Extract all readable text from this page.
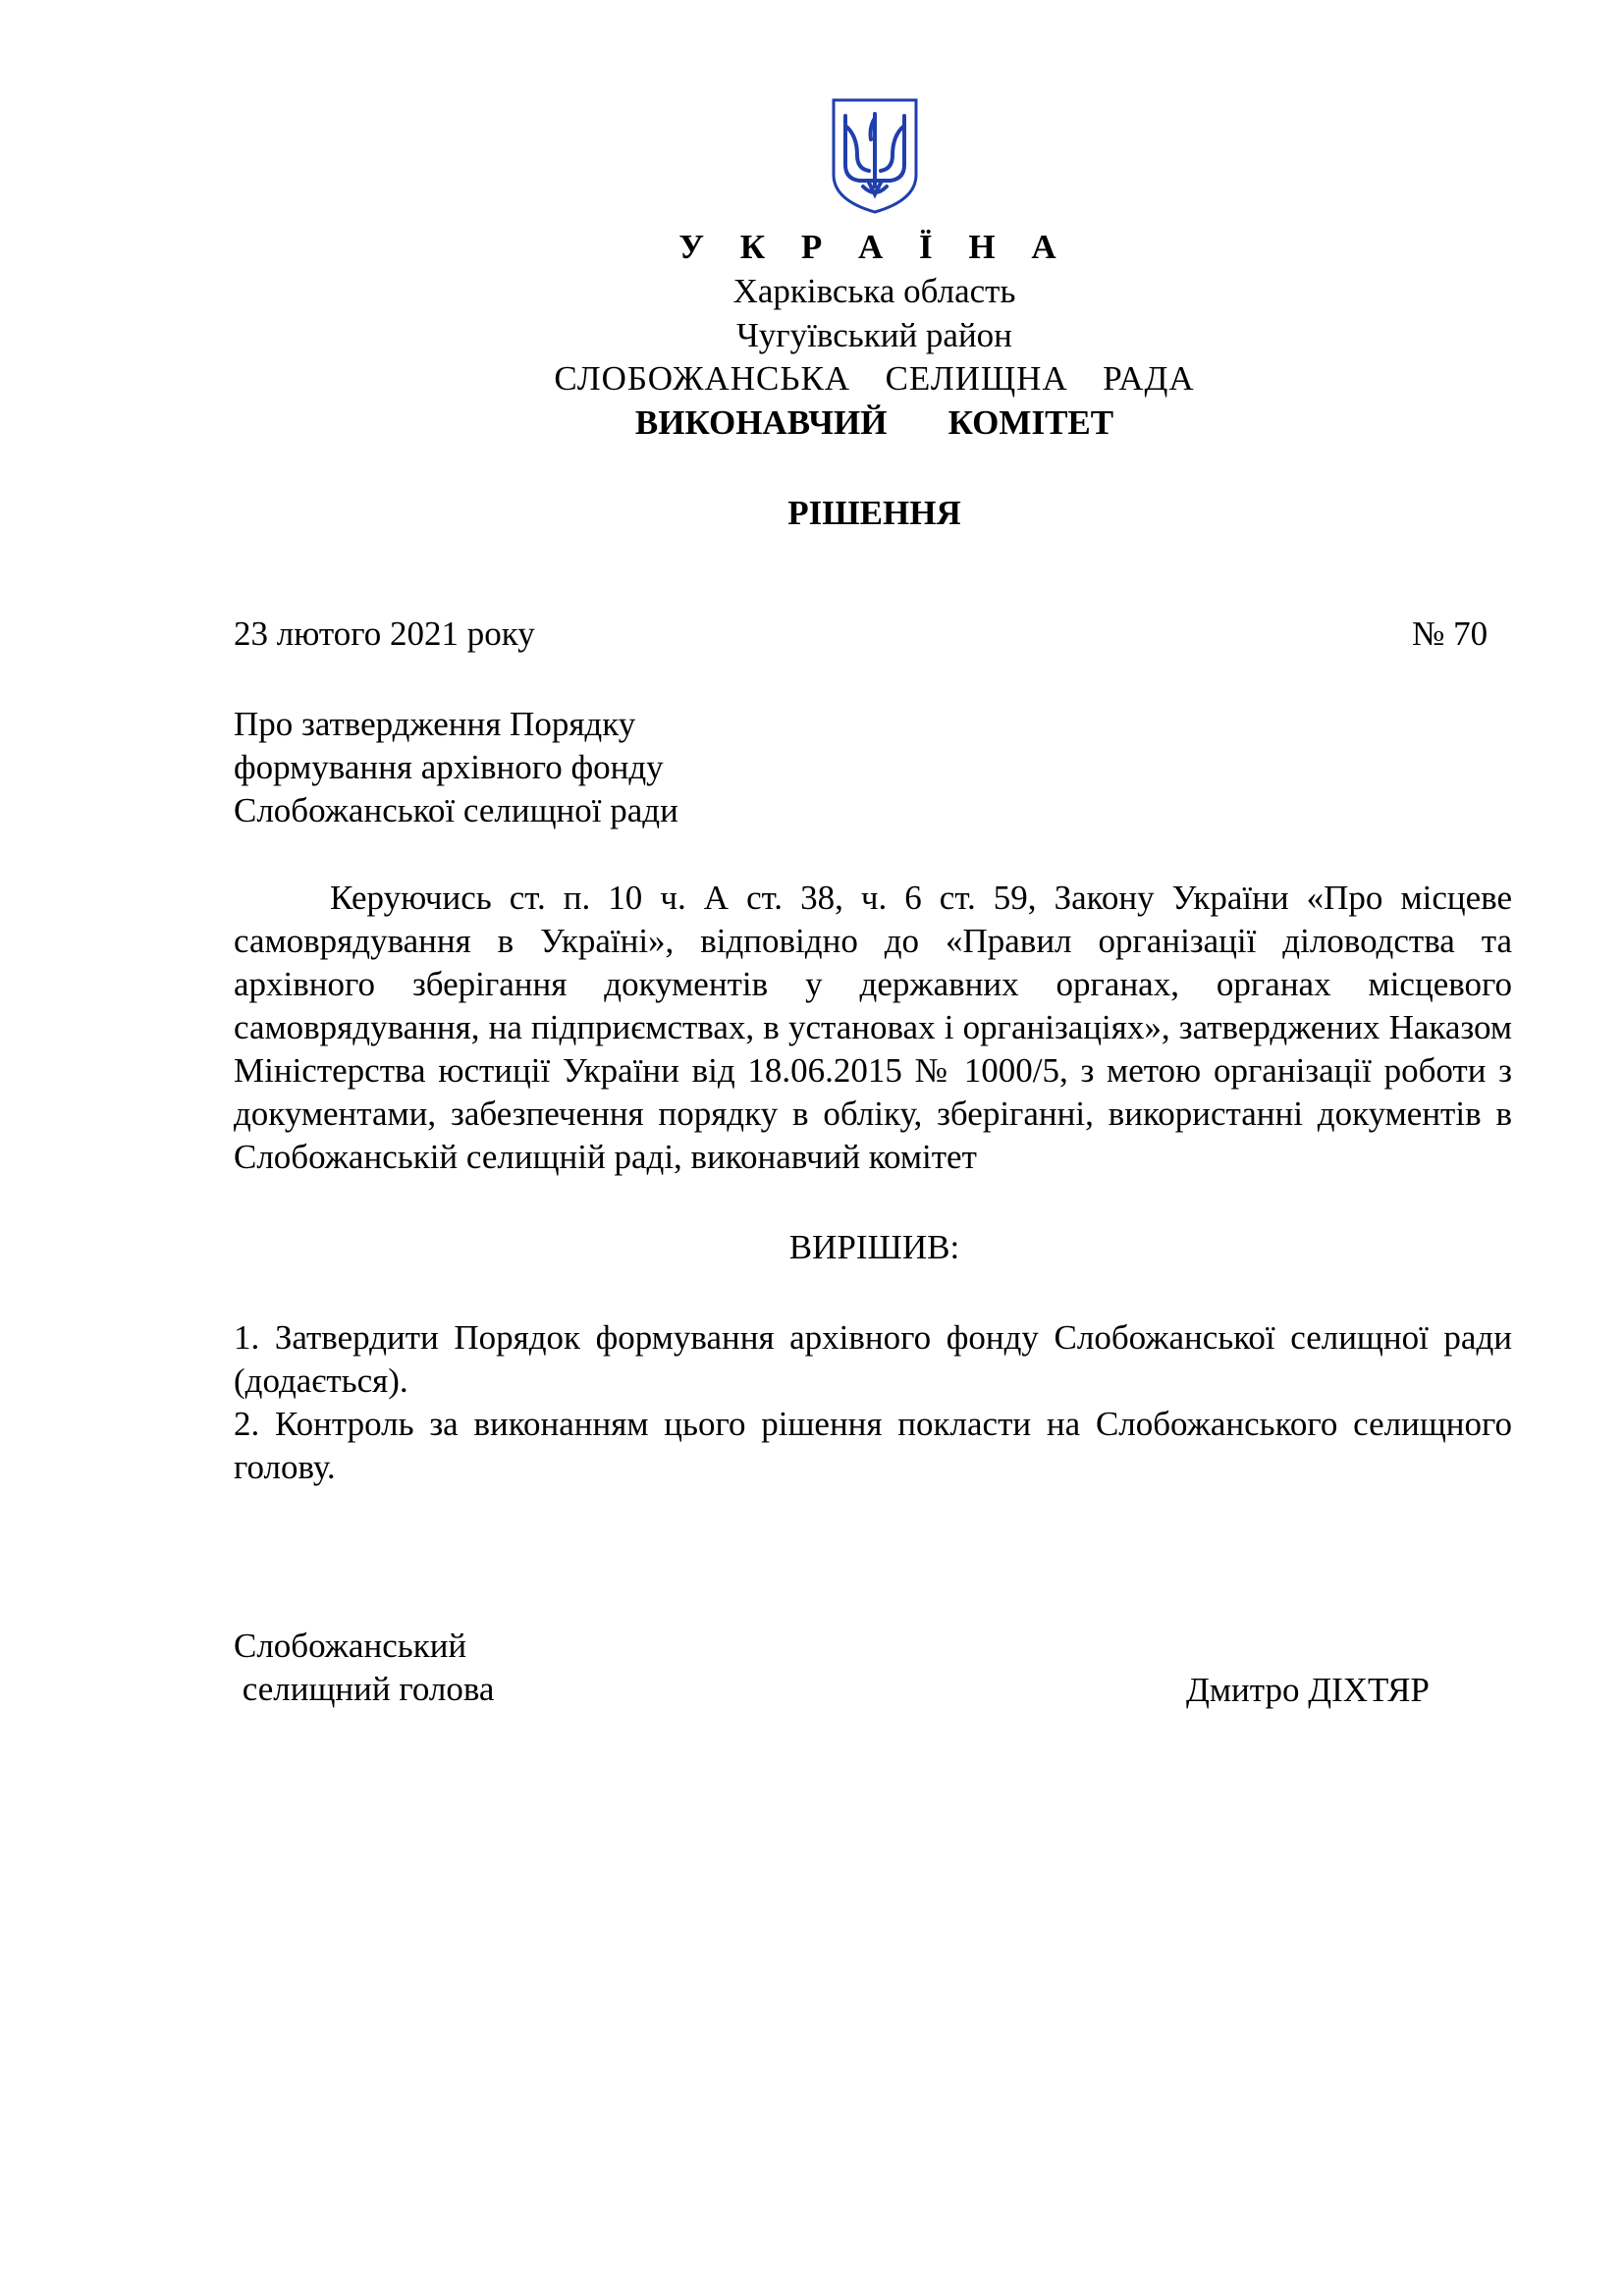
У К Р А Ї Н А
Харківська область
Чугуївський район
СЛОБОЖАНСЬКА  СЕЛИЩНА  РАДА
ВИКОНАВЧИЙ   КОМІТЕТ
РІШЕННЯ
23 лютого 2021 року	№ 70
Про затвердження Порядку
формування архівного фонду
Слобожанської селищної ради
Керуючись ст. п. 10 ч. А ст. 38, ч. 6 ст. 59, Закону України «Про місцеве самоврядування в Україні», відповідно до «Правил організації діловодства та архівного зберігання документів у державних органах, органах місцевого самоврядування, на підприємствах, в установах і організаціях», затверджених Наказом Міністерства юстиції України від 18.06.2015 № 1000/5, з метою організації роботи з документами, забезпечення порядку в обліку, зберіганні, використанні документів в Слобожанській селищній раді, виконавчий комітет
ВИРІШИВ:
1. Затвердити Порядок формування архівного фонду Слобожанської селищної ради (додається).
2. Контроль за виконанням цього рішення покласти на Слобожанського селищного голову.
Слобожанський
селищний голова	Дмитро ДІХТЯР
